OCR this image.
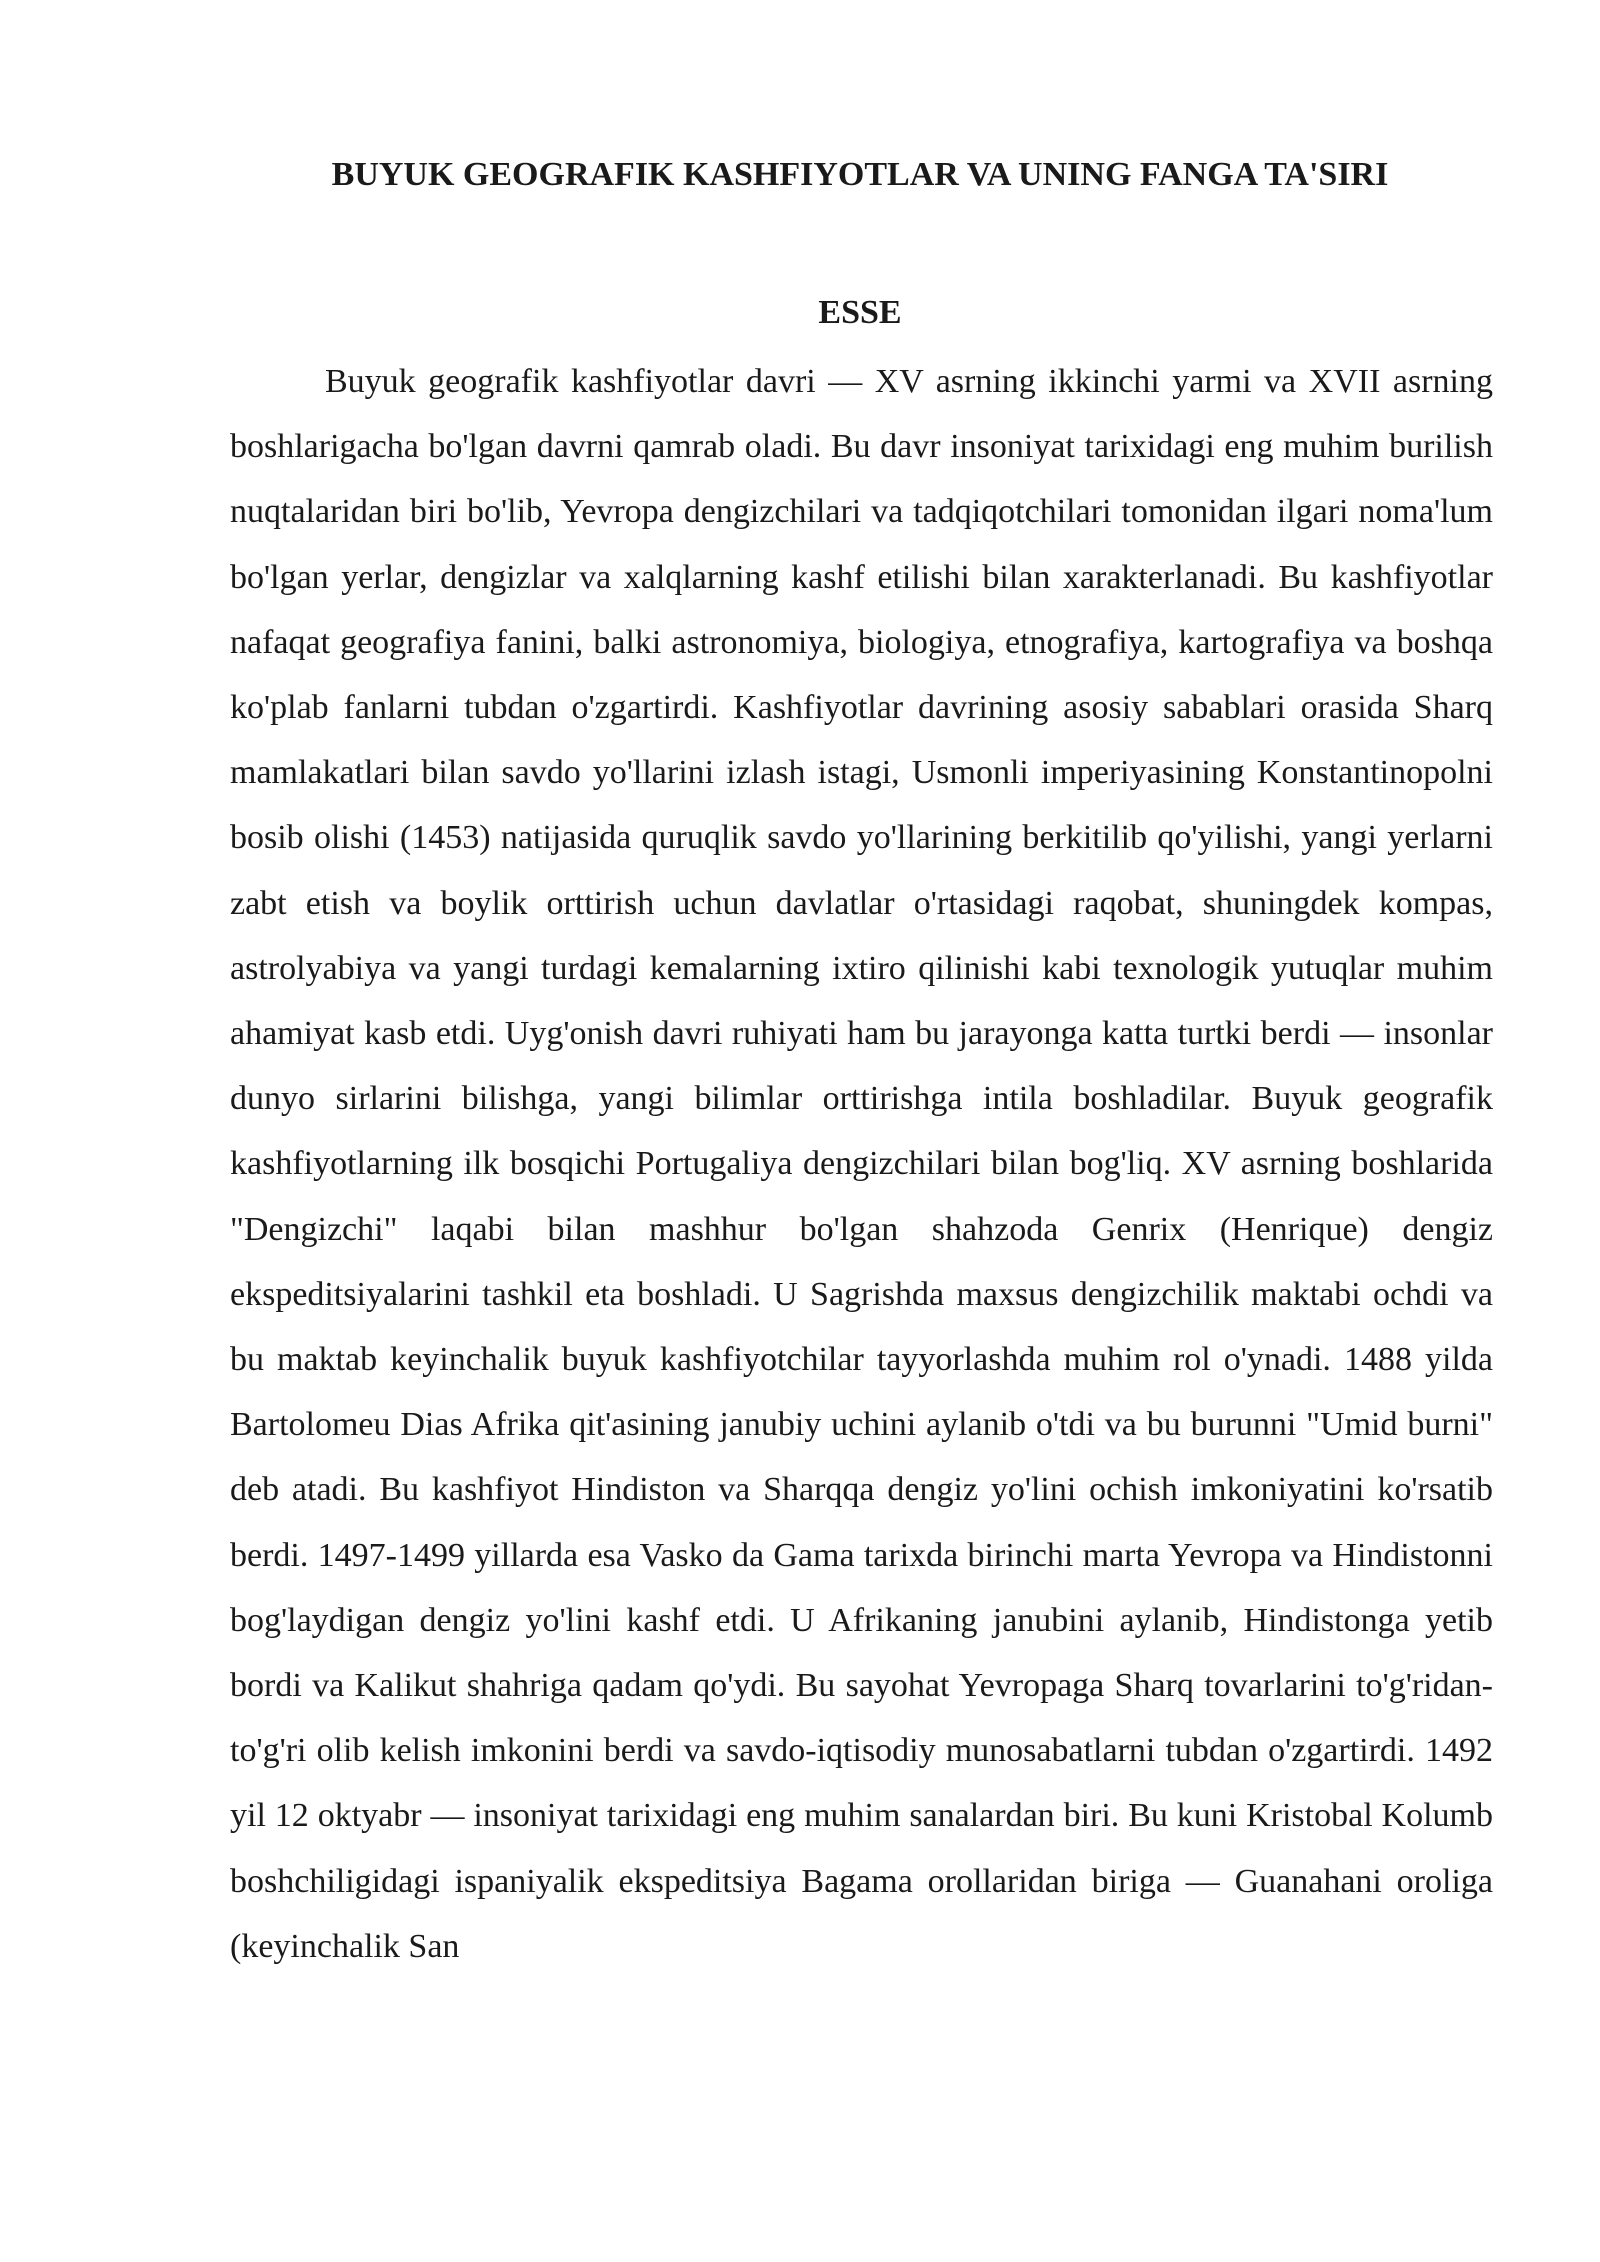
BUYUK GEOGRAFIK KASHFIYOTLAR VA UNING FANGA TA'SIRI
ESSE

Buyuk geografik kashfiyotlar davri — XV asrning ikkinchi yarmi va XVII asrning boshlarigacha bo'lgan davrni qamrab oladi. Bu davr insoniyat tarixidagi eng muhim burilish nuqtalaridan biri bo'lib, Yevropa dengizchilari va tadqiqotchilari tomonidan ilgari noma'lum bo'lgan yerlar, dengizlar va xalqlarning kashf etilishi bilan xarakterlanadi. Bu kashfiyotlar nafaqat geografiya fanini, balki astronomiya, biologiya, etnografiya, kartografiya va boshqa ko'plab fanlarni tubdan o'zgartirdi. Kashfiyotlar davrining asosiy sabablari orasida Sharq mamlakatlari bilan savdo yo'llarini izlash istagi, Usmonli imperiyasining Konstantinopolni bosib olishi (1453) natijasida quruqlik savdo yo'llarining berkitilib qo'yilishi, yangi yerlarni zabt etish va boylik orttirish uchun davlatlar o'rtasidagi raqobat, shuningdek kompas, astrolyabiya va yangi turdagi kemalarning ixtiro qilinishi kabi texnologik yutuqlar muhim ahamiyat kasb etdi. Uyg'onish davri ruhiyati ham bu jarayonga katta turtki berdi — insonlar dunyo sirlarini bilishga, yangi bilimlar orttirishga intila boshladilar. Buyuk geografik kashfiyotlarning ilk bosqichi Portugaliya dengizchilari bilan bog'liq. XV asrning boshlarida "Dengizchi" laqabi bilan mashhur bo'lgan shahzoda Genrix (Henrique) dengiz ekspeditsiyalarini tashkil eta boshladi. U Sagrishda maxsus dengizchilik maktabi ochdi va bu maktab keyinchalik buyuk kashfiyotchilar tayyorlashda muhim rol o'ynadi. 1488 yilda Bartolomeu Dias Afrika qit'asining janubiy uchini aylanib o'tdi va bu burunni "Umid burni" deb atadi. Bu kashfiyot Hindiston va Sharqqa dengiz yo'lini ochish imkoniyatini ko'rsatib berdi. 1497-1499 yillarda esa Vasko da Gama tarixda birinchi marta Yevropa va Hindistonni bog'laydigan dengiz yo'lini kashf etdi. U Afrikaning janubini aylanib, Hindistonga yetib bordi va Kalikut shahriga qadam qo'ydi. Bu sayohat Yevropaga Sharq tovarlarini to'g'ridan-to'g'ri olib kelish imkonini berdi va savdo-iqtisodiy munosabatlarni tubdan o'zgartirdi. 1492 yil 12 oktyabr — insoniyat tarixidagi eng muhim sanalardan biri. Bu kuni Kristobal Kolumb boshchiligidagi ispaniyalik ekspeditsiya Bagama orollaridan biriga — Guanahani oroliga (keyinchalik San
